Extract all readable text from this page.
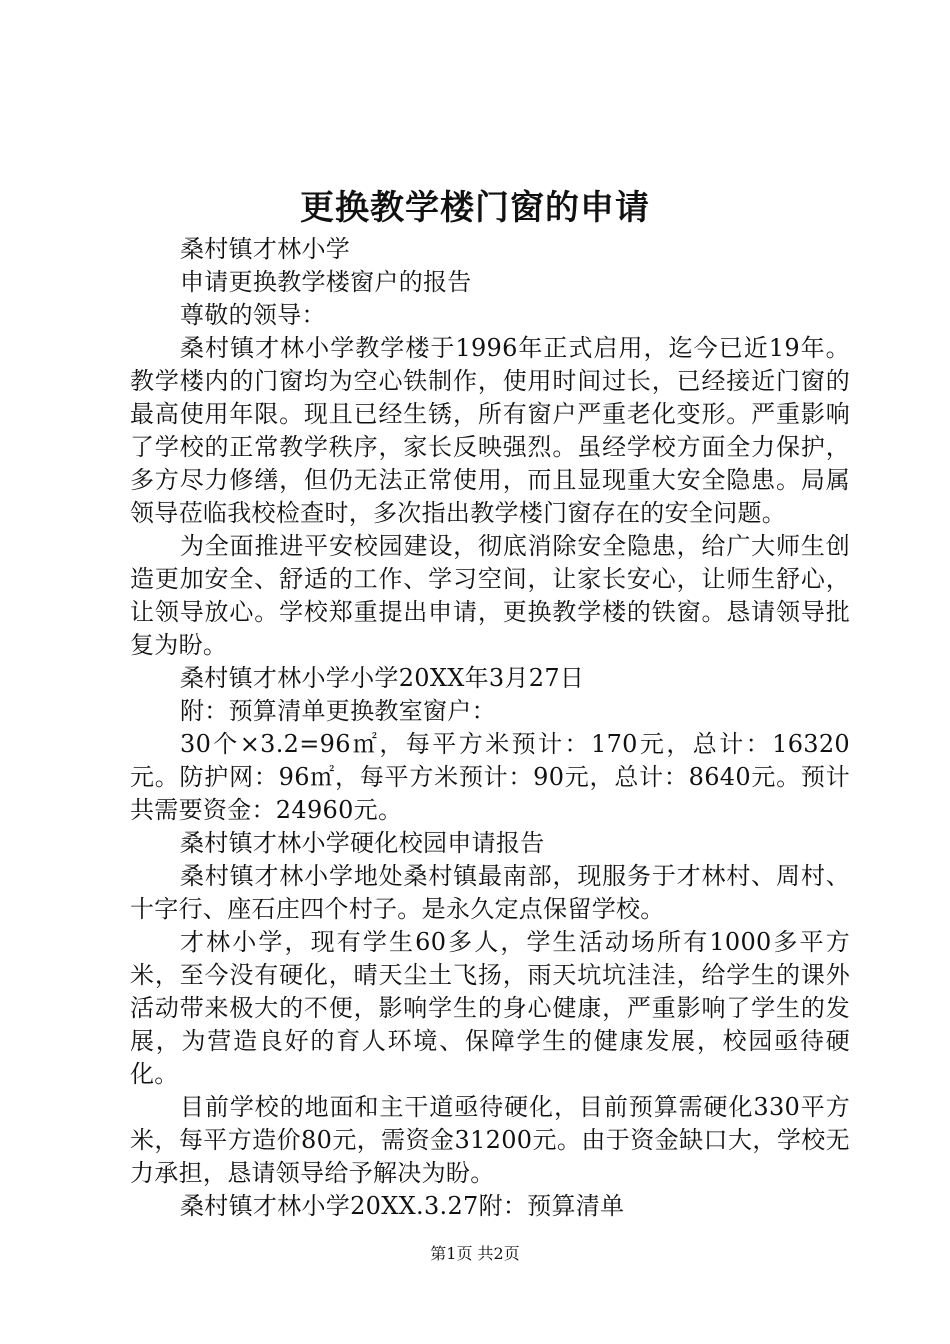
更换教学楼门窗的申请

桑村镇才林小学

申请更换教学楼窗户的报告

尊敬的领导：

桑村镇才林小学教学楼于1996年正式启用，迄今已近19年。教学楼内的门窗均为空心铁制作，使用时间过长，已经接近门窗的最高使用年限。现且已经生锈，所有窗户严重老化变形。严重影响了学校的正常教学秩序，家长反映强烈。虽经学校方面全力保护，多方尽力修缮，但仍无法正常使用，而且显现重大安全隐患。局属领导莅临我校检查时，多次指出教学楼门窗存在的安全问题。

为全面推进平安校园建设，彻底消除安全隐患，给广大师生创造更加安全、舒适的工作、学习空间，让家长安心，让师生舒心，让领导放心。学校郑重提出申请，更换教学楼的铁窗。恳请领导批复为盼。

桑村镇才林小学小学20XX年3月27日

附：预算清单更换教室窗户：

30个×3.2=96㎡，每平方米预计：170元，总计：16320元。防护网：96㎡，每平方米预计：90元，总计：8640元。预计共需要资金：24960元。

桑村镇才林小学硬化校园申请报告

桑村镇才林小学地处桑村镇最南部，现服务于才林村、周村、十字行、座石庄四个村子。是永久定点保留学校。

才林小学，现有学生60多人，学生活动场所有1000多平方米，至今没有硬化，晴天尘土飞扬，雨天坑坑洼洼，给学生的课外活动带来极大的不便，影响学生的身心健康，严重影响了学生的发展，为营造良好的育人环境、保障学生的健康发展，校园亟待硬化。

目前学校的地面和主干道亟待硬化，目前预算需硬化330平方米，每平方造价80元，需资金31200元。由于资金缺口大，学校无力承担，恳请领导给予解决为盼。

桑村镇才林小学20XX.3.27附：预算清单

第1页 共2页
